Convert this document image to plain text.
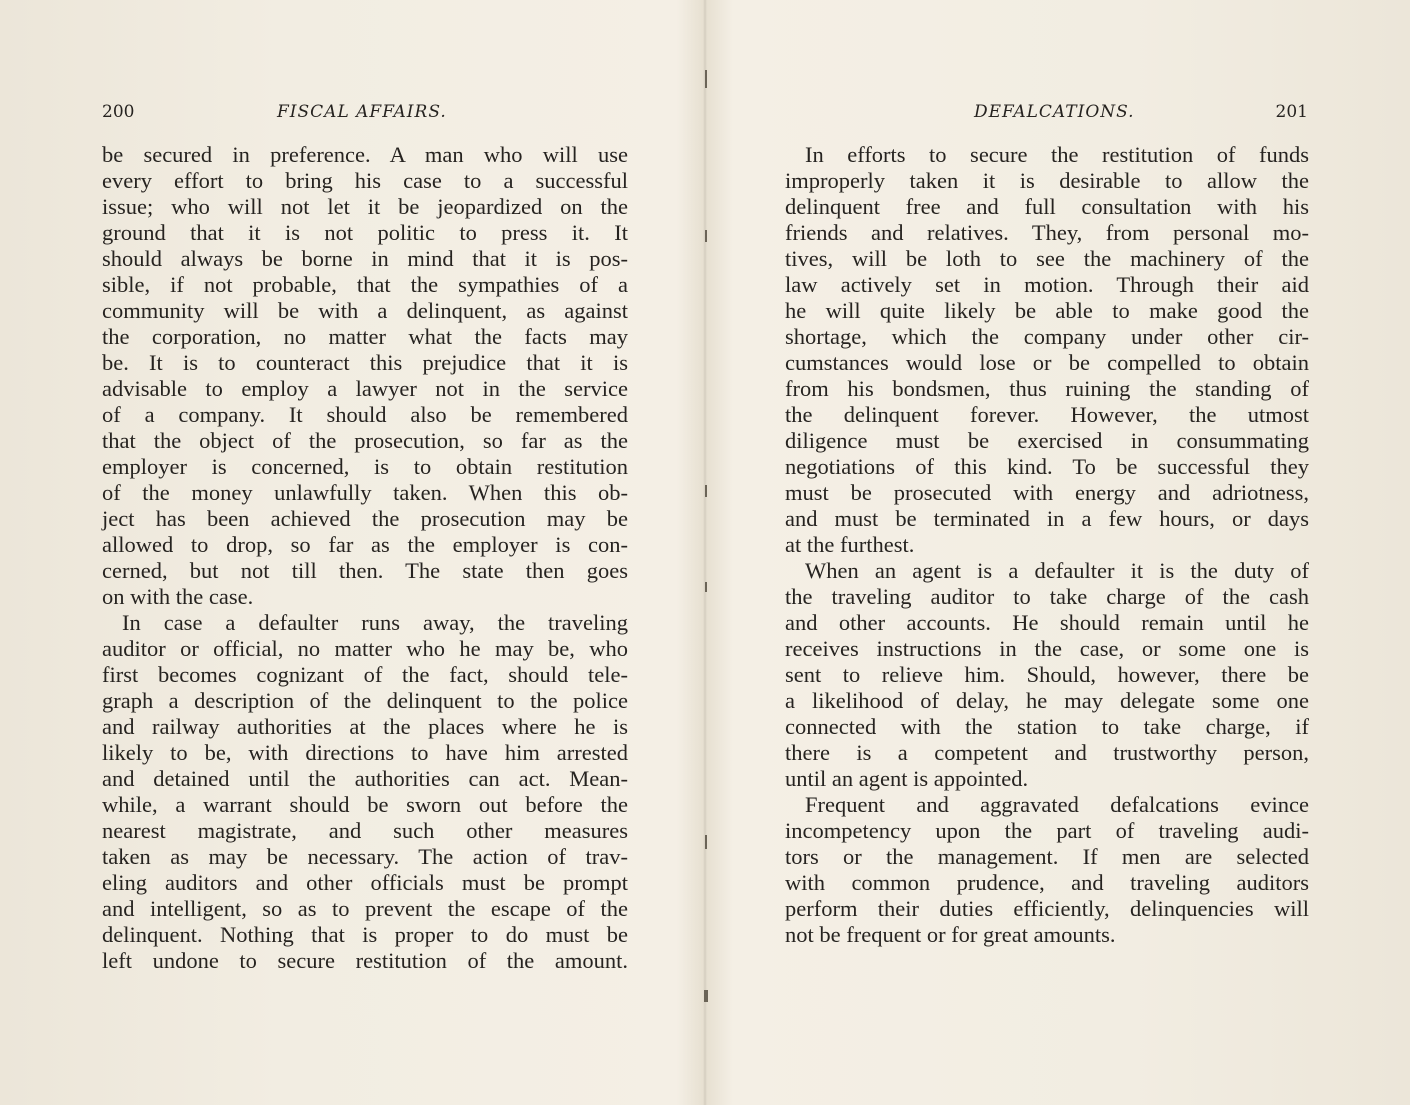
200	FISCAL AFFAIRS.
be secured in preference. A man who will use
every effort to bring his case to a successful
issue; who will not let it be jeopardized on the
ground that it is not politic to press it. It
should always be borne in mind that it is pos-
sible, if not probable, that the sympathies of a
community will be with a delinquent, as against
the corporation, no matter what the facts may
be. It is to counteract this prejudice that it is
advisable to employ a lawyer not in the service
of a company. It should also be remembered
that the object of the prosecution, so far as the
employer is concerned, is to obtain restitution
of the money unlawfully taken. When this ob-
ject has been achieved the prosecution may be
allowed to drop, so far as the employer is con-
cerned, but not till then. The state then goes
on with the case.
In case a defaulter runs away, the traveling
auditor or official, no matter who he may be, who
first becomes cognizant of the fact, should tele-
graph a description of the delinquent to the police
and railway authorities at the places where he is
likely to be, with directions to have him arrested
and detained until the authorities can act. Mean-
while, a warrant should be sworn out before the
nearest magistrate, and such other measures
taken as may be necessary. The action of trav-
eling auditors and other officials must be prompt
and intelligent, so as to prevent the escape of the
delinquent. Nothing that is proper to do must be
left undone to secure restitution of the amount.
DEFALCATIONS.	201
In efforts to secure the restitution of funds
improperly taken it is desirable to allow the
delinquent free and full consultation with his
friends and relatives. They, from personal mo-
tives, will be loth to see the machinery of the
law actively set in motion. Through their aid
he will quite likely be able to make good the
shortage, which the company under other cir-
cumstances would lose or be compelled to obtain
from his bondsmen, thus ruining the standing of
the delinquent forever. However, the utmost
diligence must be exercised in consummating
negotiations of this kind. To be successful they
must be prosecuted with energy and adriotness,
and must be terminated in a few hours, or days
at the furthest.
When an agent is a defaulter it is the duty of
the traveling auditor to take charge of the cash
and other accounts. He should remain until he
receives instructions in the case, or some one is
sent to relieve him. Should, however, there be
a likelihood of delay, he may delegate some one
connected with the station to take charge, if
there is a competent and trustworthy person,
until an agent is appointed.
Frequent and aggravated defalcations evince
incompetency upon the part of traveling audi-
tors or the management. If men are selected
with common prudence, and traveling auditors
perform their duties efficiently, delinquencies will
not be frequent or for great amounts.
